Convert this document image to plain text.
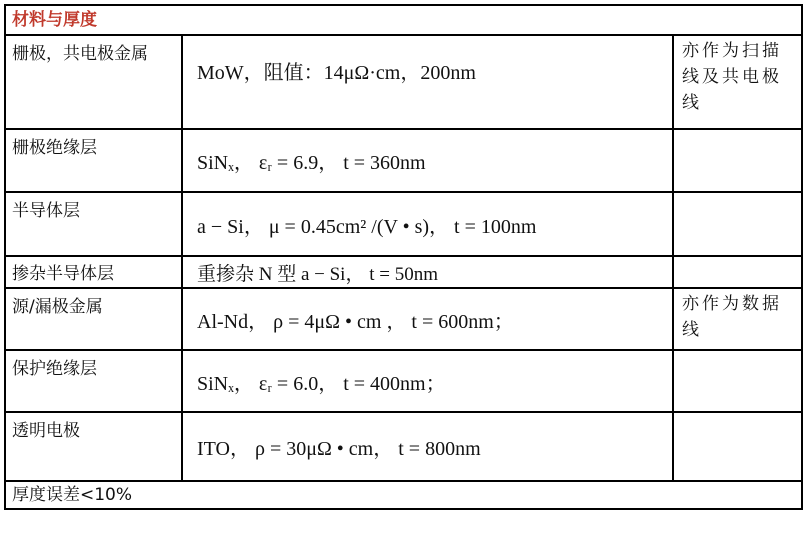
材料与厚度
栅极，共电极金属
MoW，阻值：14μΩ·cm，200nm
亦作为扫描线及共电极线
栅极绝缘层
SiNₓ， εᵣ = 6.9， t = 360nm
半导体层
a − Si， μ = 0.45cm² /(V • s)， t = 100nm
掺杂半导体层	重掺杂 N 型 a − Si， t = 50nm
源/漏极金属
Al-Nd， ρ = 4μΩ • cm ， t = 600nm；
亦作为数据线
保护绝缘层
SiNₓ， εᵣ = 6.0， t = 400nm；
透明电极
ITO， ρ = 30μΩ • cm， t = 800nm
厚度误差<10%
